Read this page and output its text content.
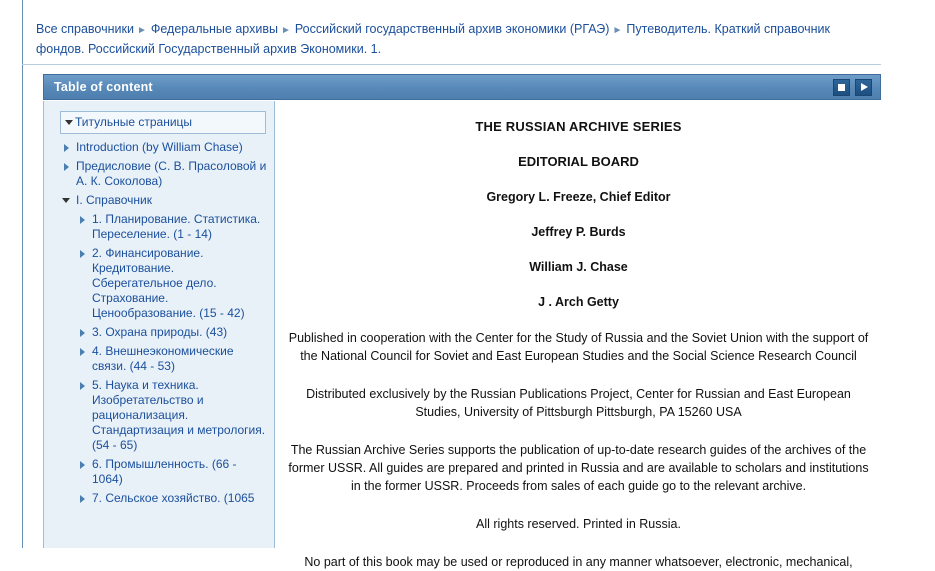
Все справочники ► Федеральные архивы ► Российский государственный архив экономики (РГАЭ) ► Путеводитель. Краткий справочник фондов. Российский Государственный архив Экономики. 1.
Table of content
Титульные страницы
Introduction (by William Chase)
Предисловие (С. В. Прасоловой и А. К. Соколова)
I. Справочник
1. Планирование. Статистика. Переселение. (1 - 14)
2. Финансирование. Кредитование. Сберегательное дело. Страхование. Ценообразование. (15 - 42)
3. Охрана природы. (43)
4. Внешнеэкономические связи. (44 - 53)
5. Наука и техника. Изобретательство и рационализация. Стандартизация и метрология. (54 - 65)
6. Промышленность. (66 - 1064)
7. Сельское хозяйство. (1065
THE RUSSIAN ARCHIVE SERIES
EDITORIAL BOARD
Gregory L. Freeze, Chief Editor
Jeffrey P. Burds
William J. Chase
J . Arch Getty

Published in cooperation with the Center for the Study of Russia and the Soviet Union with the support of the National Council for Soviet and East European Studies and the Social Science Research Council

Distributed exclusively by the Russian Publications Project, Center for Russian and East European Studies, University of Pittsburgh Pittsburgh, PA 15260 USA

The Russian Archive Series supports the publication of up-to-date research guides of the archives of the former USSR. All guides are prepared and printed in Russia and are available to scholars and institutions in the former USSR. Proceeds from sales of each guide go to the relevant archive.

All rights reserved. Printed in Russia.

No part of this book may be used or reproduced in any manner whatsoever, electronic, mechanical,
